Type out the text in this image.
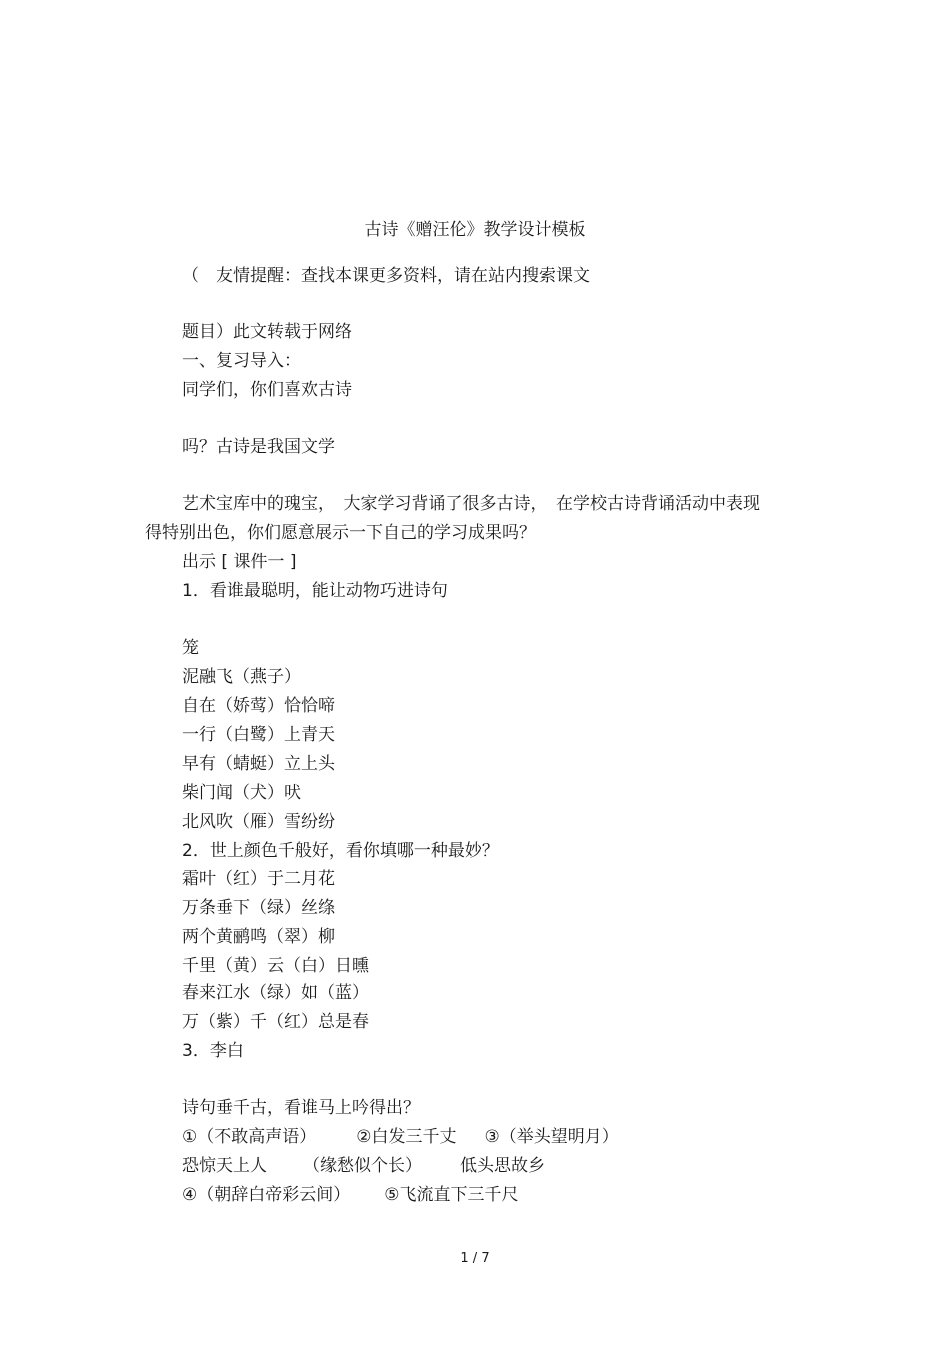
古诗《赠汪伦》教学设计模板
（　友情提醒：查找本课更多资料，请在站内搜索课文
题目）此文转载于网络
一、复习导入：
同学们，你们喜欢古诗
吗？古诗是我国文学
艺术宝库中的瑰宝，　大家学习背诵了很多古诗，　在学校古诗背诵活动中表现
得特别出色，你们愿意展示一下自己的学习成果吗？
出示 [ 课件一 ]
1．看谁最聪明，能让动物巧进诗句
笼
泥融飞（燕子）
自在（娇莺）恰恰啼
一行（白鹭）上青天
早有（蜻蜓）立上头
柴门闻（犬）吠
北风吹（雁）雪纷纷
2．世上颜色千般好，看你填哪一种最妙？
霜叶（红）于二月花
万条垂下（绿）丝绦
两个黄鹂鸣（翠）柳
千里（黄）云（白）日曛
春来江水（绿）如（蓝）
万（紫）千（红）总是春
3．李白
诗句垂千古，看谁马上吟得出？
①（不敢高声语） ②白发三千丈 ③（举头望明月）
恐惊天上人 （缘愁似个长） 低头思故乡
④（朝辞白帝彩云间） ⑤飞流直下三千尺
1 / 7
